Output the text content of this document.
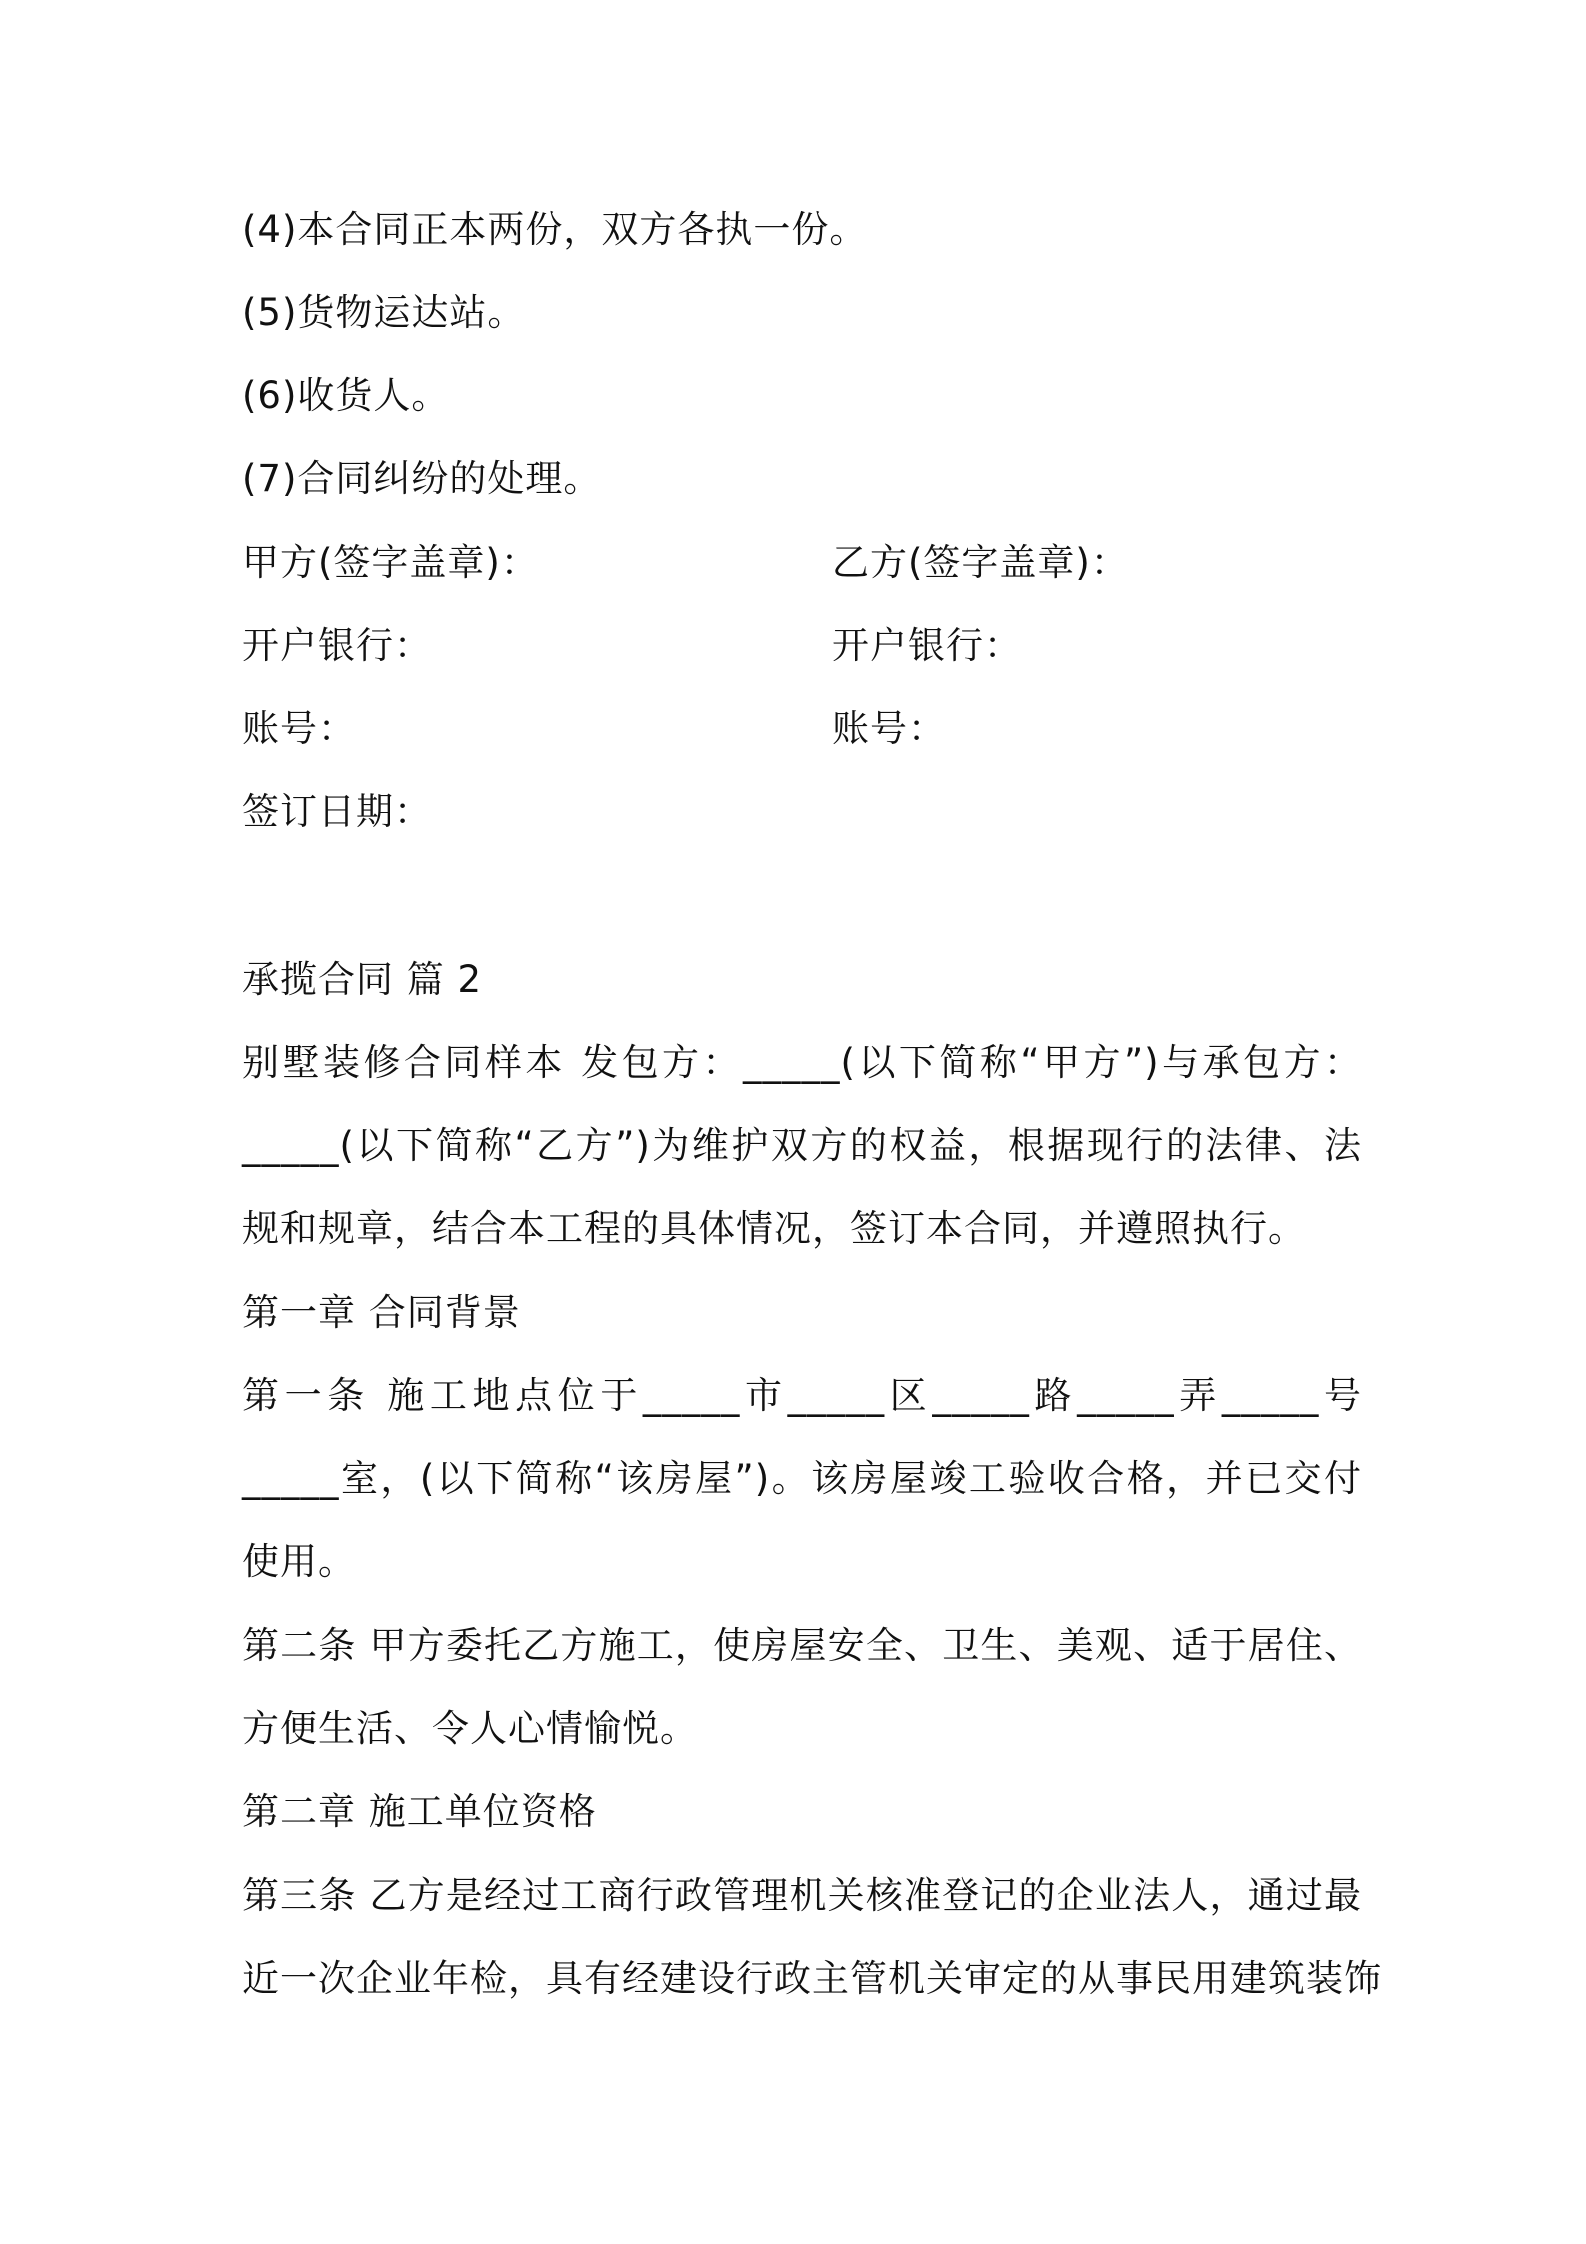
(4)本合同正本两份，双方各执一份。
(5)货物运达站。
(6)收货人。
(7)合同纠纷的处理。
甲方(签字盖章)：	乙方(签字盖章)：
开户银行：	开户银行：
账号：	账号：
签订日期：
承揽合同 篇 2
别墅装修合同样本 发包方：_____(以下简称“甲方”)与承包方：
_____(以下简称“乙方”)为维护双方的权益，根据现行的法律、法
规和规章，结合本工程的具体情况，签订本合同，并遵照执行。
第一章 合同背景
第一条 施工地点位于_____市_____区_____路_____弄_____号
_____室，(以下简称“该房屋”)。该房屋竣工验收合格，并已交付
使用。
第二条 甲方委托乙方施工，使房屋安全、卫生、美观、适于居住、
方便生活、令人心情愉悦。
第二章 施工单位资格
第三条 乙方是经过工商行政管理机关核准登记的企业法人，通过最
近一次企业年检，具有经建设行政主管机关审定的从事民用建筑装饰
